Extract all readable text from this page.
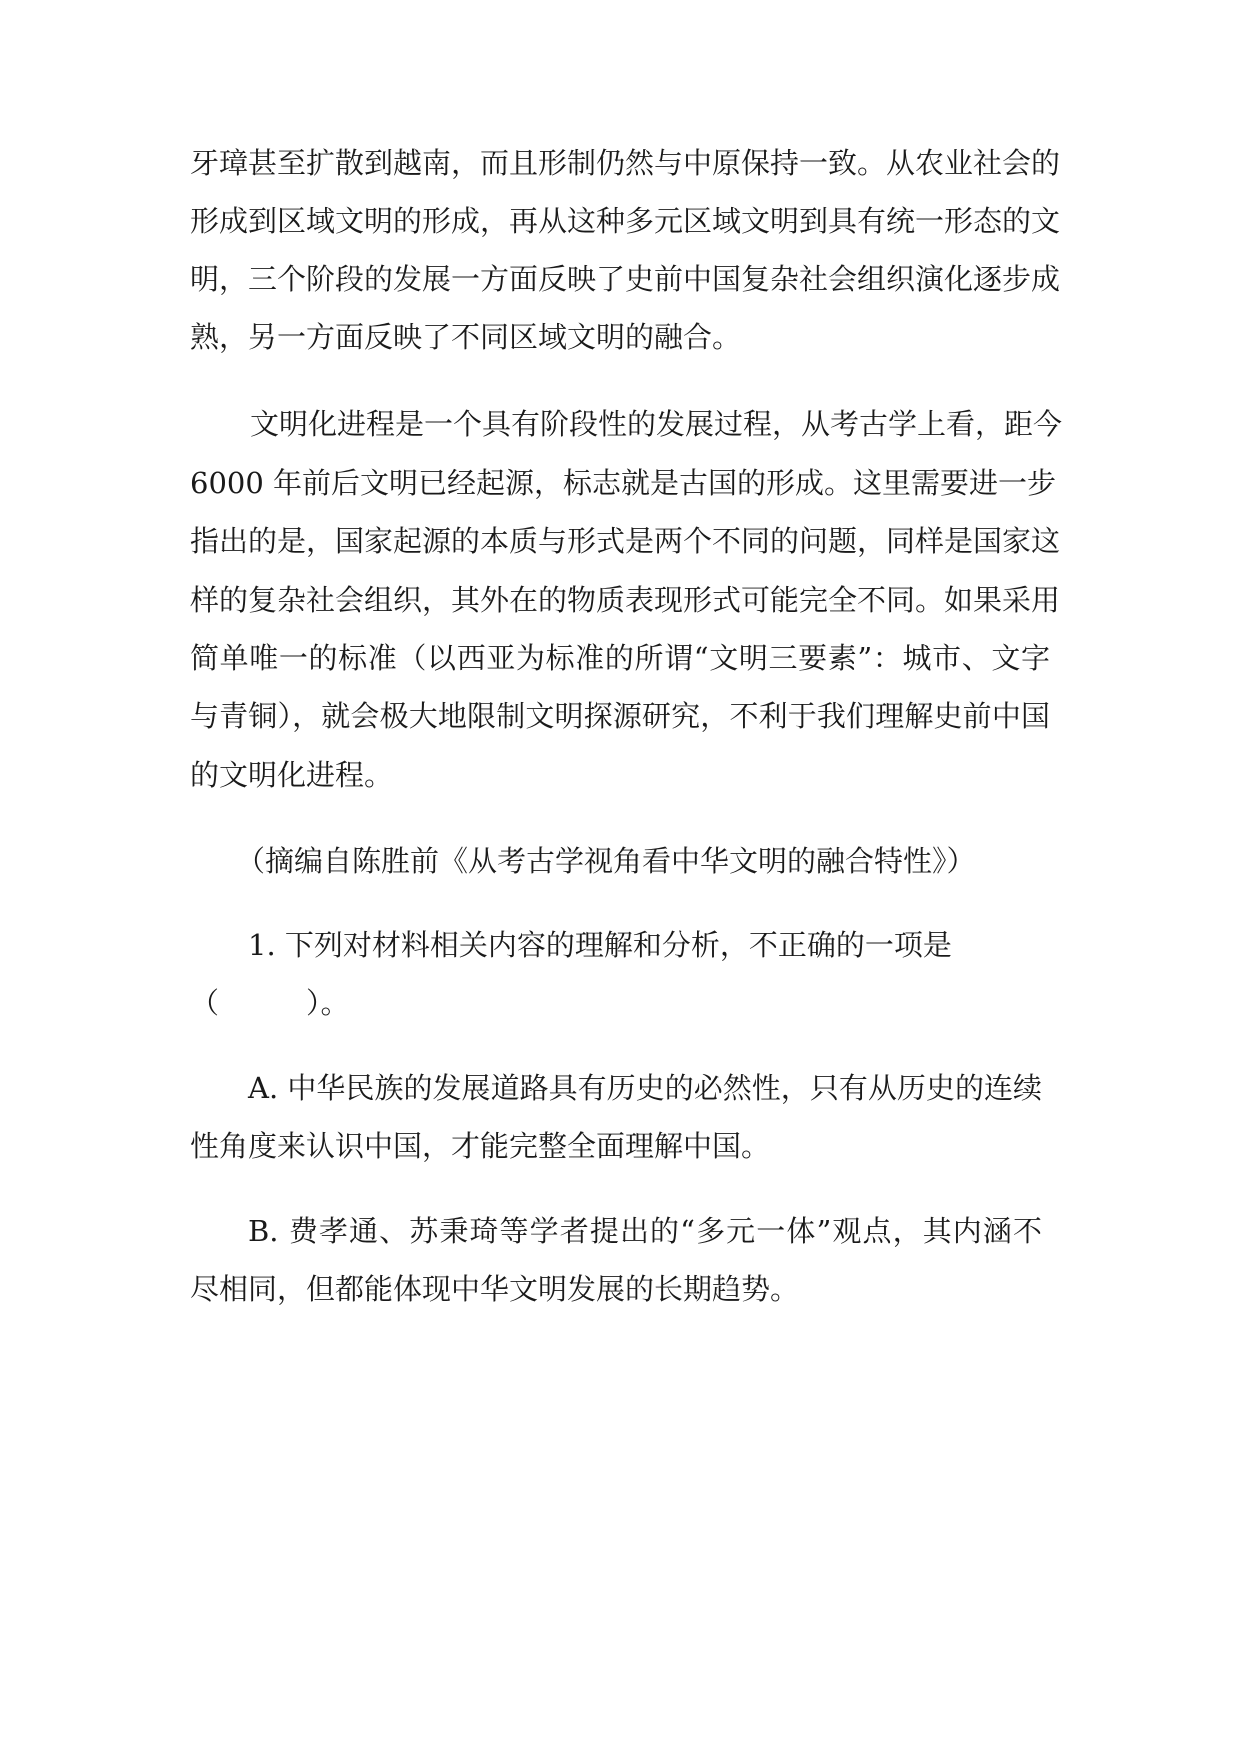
牙璋甚至扩散到越南，而且形制仍然与中原保持一致。从农业社会的

形成到区域文明的形成，再从这种多元区域文明到具有统一形态的文

明，三个阶段的发展一方面反映了史前中国复杂社会组织演化逐步成

熟，另一方面反映了不同区域文明的融合。

文明化进程是一个具有阶段性的发展过程，从考古学上看，距今

6000 年前后文明已经起源，标志就是古国的形成。这里需要进一步

指出的是，国家起源的本质与形式是两个不同的问题，同样是国家这

样的复杂社会组织，其外在的物质表现形式可能完全不同。如果采用

简单唯一的标准（以西亚为标准的所谓“文明三要素”：城市、文字

与青铜），就会极大地限制文明探源研究，不利于我们理解史前中国

的文明化进程。

（摘编自陈胜前《从考古学视角看中华文明的融合特性》）

1. 下列对材料相关内容的理解和分析，不正确的一项是

（　　　）。

A. 中华民族的发展道路具有历史的必然性，只有从历史的连续

性角度来认识中国，才能完整全面理解中国。

B. 费孝通、苏秉琦等学者提出的“多元一体”观点，其内涵不

尽相同，但都能体现中华文明发展的长期趋势。
